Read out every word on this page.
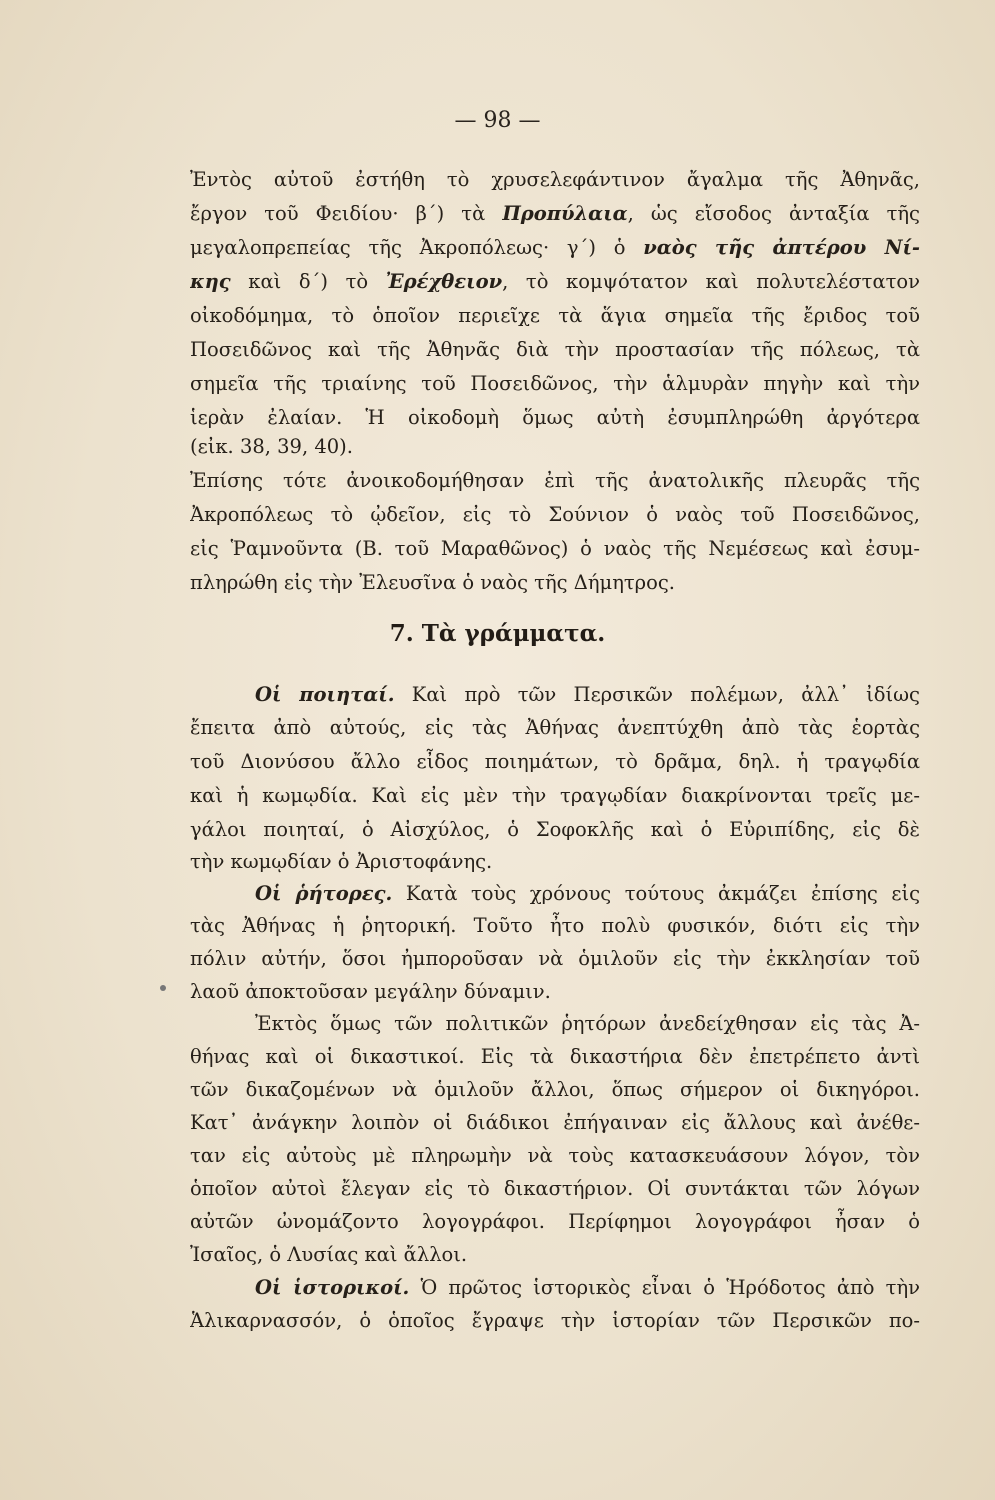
— 98 —
Ἐντὸς αὐτοῦ ἐστήθη τὸ χρυσελεφάντινον ἄγαλμα τῆς Ἀθηνᾶς,
ἔργον τοῦ Φειδίου· β΄) τὰ Προπύλαια, ὡς εἴσοδος ἀνταξία τῆς
μεγαλοπρεπείας τῆς Ἀκροπόλεως· γ΄) ὁ ναὸς τῆς ἀπτέρου Νί-
κης καὶ δ΄) τὸ Ἐρέχθειον, τὸ κομψότατον καὶ πολυτελέστατον
οἰκοδόμημα, τὸ ὁποῖον περιεῖχε τὰ ἅγια σημεῖα τῆς ἔριδος τοῦ
Ποσειδῶνος καὶ τῆς Ἀθηνᾶς διὰ τὴν προστασίαν τῆς πόλεως, τὰ
σημεῖα τῆς τριαίνης τοῦ Ποσειδῶνος, τὴν ἁλμυρὰν πηγὴν καὶ τὴν
ἱερὰν ἐλαίαν. Ἡ οἰκοδομὴ ὅμως αὐτὴ ἐσυμπληρώθη ἀργότερα
(εἰκ. 38, 39, 40).
Ἐπίσης τότε ἀνοικοδομήθησαν ἐπὶ τῆς ἀνατολικῆς πλευρᾶς τῆς
Ἀκροπόλεως τὸ ᾠδεῖον, εἰς τὸ Σούνιον ὁ ναὸς τοῦ Ποσειδῶνος,
εἰς Ῥαμνοῦντα (Β. τοῦ Μαραθῶνος) ὁ ναὸς τῆς Νεμέσεως καὶ ἐσυμ-
πληρώθη εἰς τὴν Ἐλευσῖνα ὁ ναὸς τῆς Δήμητρος.
7. Τὰ γράμματα.
Οἱ ποιηταί. Καὶ πρὸ τῶν Περσικῶν πολέμων, ἀλλ᾽ ἰδίως
ἔπειτα ἀπὸ αὐτούς, εἰς τὰς Ἀθήνας ἀνεπτύχθη ἀπὸ τὰς ἑορτὰς
τοῦ Διονύσου ἄλλο εἶδος ποιημάτων, τὸ δρᾶμα, δηλ. ἡ τραγῳδία
καὶ ἡ κωμῳδία. Καὶ εἰς μὲν τὴν τραγῳδίαν διακρίνονται τρεῖς με-
γάλοι ποιηταί, ὁ Αἰσχύλος, ὁ Σοφοκλῆς καὶ ὁ Εὐριπίδης, εἰς δὲ
τὴν κωμῳδίαν ὁ Ἀριστοφάνης.
Οἱ ῥήτορες. Κατὰ τοὺς χρόνους τούτους ἀκμάζει ἐπίσης εἰς
τὰς Ἀθήνας ἡ ῥητορική. Τοῦτο ἦτο πολὺ φυσικόν, διότι εἰς τὴν
πόλιν αὐτήν, ὅσοι ἠμποροῦσαν νὰ ὁμιλοῦν εἰς τὴν ἐκκλησίαν τοῦ
λαοῦ ἀποκτοῦσαν μεγάλην δύναμιν.
Ἐκτὸς ὅμως τῶν πολιτικῶν ῥητόρων ἀνεδείχθησαν εἰς τὰς Ἀ-
θήνας καὶ οἱ δικαστικοί. Εἰς τὰ δικαστήρια δὲν ἐπετρέπετο ἀντὶ
τῶν δικαζομένων νὰ ὁμιλοῦν ἄλλοι, ὅπως σήμερον οἱ δικηγόροι.
Κατ᾽ ἀνάγκην λοιπὸν οἱ διάδικοι ἐπήγαιναν εἰς ἄλλους καὶ ἀνέθε-
ταν εἰς αὐτοὺς μὲ πληρωμὴν νὰ τοὺς κατασκευάσουν λόγον, τὸν
ὁποῖον αὐτοὶ ἔλεγαν εἰς τὸ δικαστήριον. Οἱ συντάκται τῶν λόγων
αὐτῶν ὠνομάζοντο λογογράφοι. Περίφημοι λογογράφοι ἦσαν ὁ
Ἰσαῖος, ὁ Λυσίας καὶ ἄλλοι.
Οἱ ἱστορικοί. Ὁ πρῶτος ἱστορικὸς εἶναι ὁ Ἡρόδοτος ἀπὸ τὴν
Ἁλικαρνασσόν, ὁ ὁποῖος ἔγραψε τὴν ἱστορίαν τῶν Περσικῶν πο-
